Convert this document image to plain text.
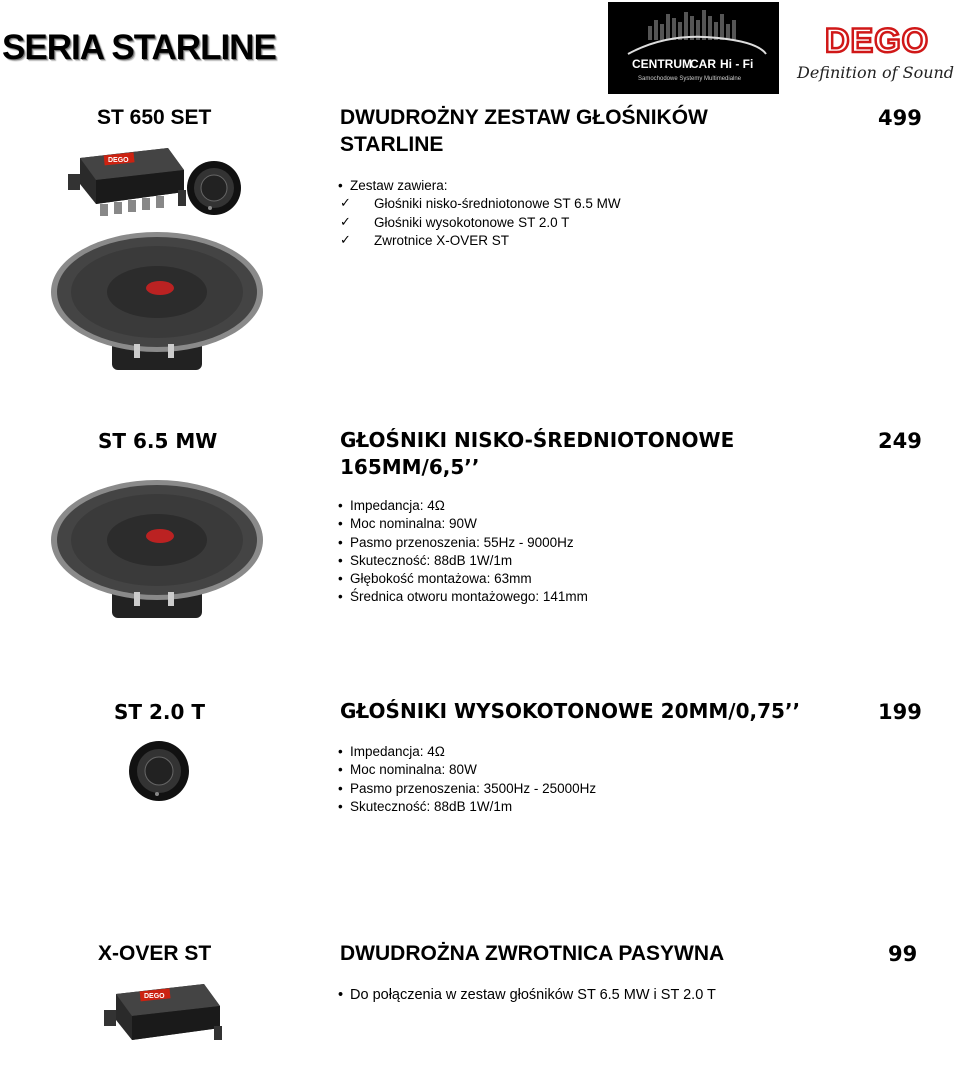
SERIA STARLINE	CENTRUM
CAR Hi - Fi
Samochodowe Systemy Multimedialne
DEGO
Definition of Sound
ST 650 SET	DWUDROŻNY ZESTAW GŁOŚNIKÓW
STARLINE
499
• Zestaw zawiera:
✓ Głośniki nisko-średniotonowe ST 6.5 MW
✓ Głośniki wysokotonowe ST 2.0 T
✓ Zwrotnice X-OVER ST
DEGO
ST 6.5 MW	GŁOŚNIKI NISKO-ŚREDNIOTONOWE
165MM/6,5’’
249
• Impedancja: 4Ω
• Moc nominalna: 90W
• Pasmo przenoszenia: 55Hz - 9000Hz
• Skuteczność: 88dB 1W/1m
• Głębokość montażowa: 63mm
• Średnica otworu montażowego: 141mm
ST 2.0 T	GŁOŚNIKI WYSOKOTONOWE 20MM/0,75’’	199
• Impedancja: 4Ω
• Moc nominalna: 80W
• Pasmo przenoszenia: 3500Hz - 25000Hz
• Skuteczność: 88dB 1W/1m
X-OVER ST	DWUDROŻNA ZWROTNICA PASYWNA	99
• Do połączenia w zestaw głośników ST 6.5 MW i ST 2.0 T
DEGO
